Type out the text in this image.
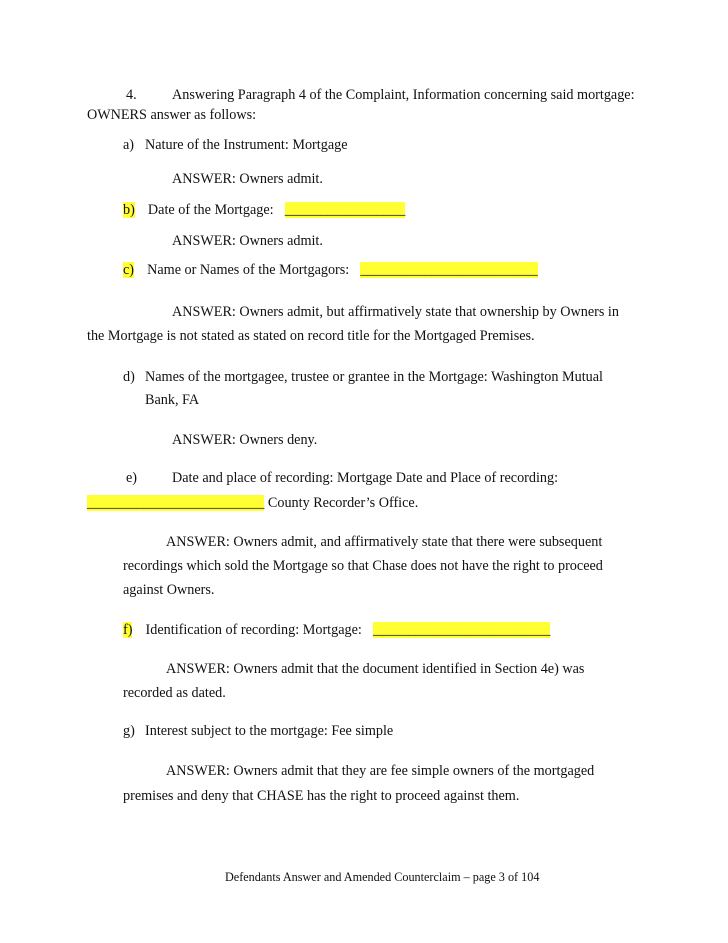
4. Answering Paragraph 4 of the Complaint, Information concerning said mortgage:
OWNERS answer as follows:
a) Nature of the Instrument: Mortgage
ANSWER: Owners admit.
b) Date of the Mortgage: _________________
ANSWER: Owners admit.
c) Name or Names of the Mortgagors: _________________________
ANSWER: Owners admit, but affirmatively state that ownership by Owners in
the Mortgage is not stated as stated on record title for the Mortgaged Premises.
d) Names of the mortgagee, trustee or grantee in the Mortgage: Washington Mutual
Bank, FA
ANSWER: Owners deny.
e) Date and place of recording: Mortgage Date and Place of recording:
_________________________ County Recorder’s Office.
ANSWER: Owners admit, and affirmatively state that there were subsequent
recordings which sold the Mortgage so that Chase does not have the right to proceed
against Owners.
f) Identification of recording: Mortgage: _________________________
ANSWER: Owners admit that the document identified in Section 4e) was
recorded as dated.
g) Interest subject to the mortgage: Fee simple
ANSWER: Owners admit that they are fee simple owners of the mortgaged
premises and deny that CHASE has the right to proceed against them.
Defendants Answer and Amended Counterclaim – page 3 of 104
